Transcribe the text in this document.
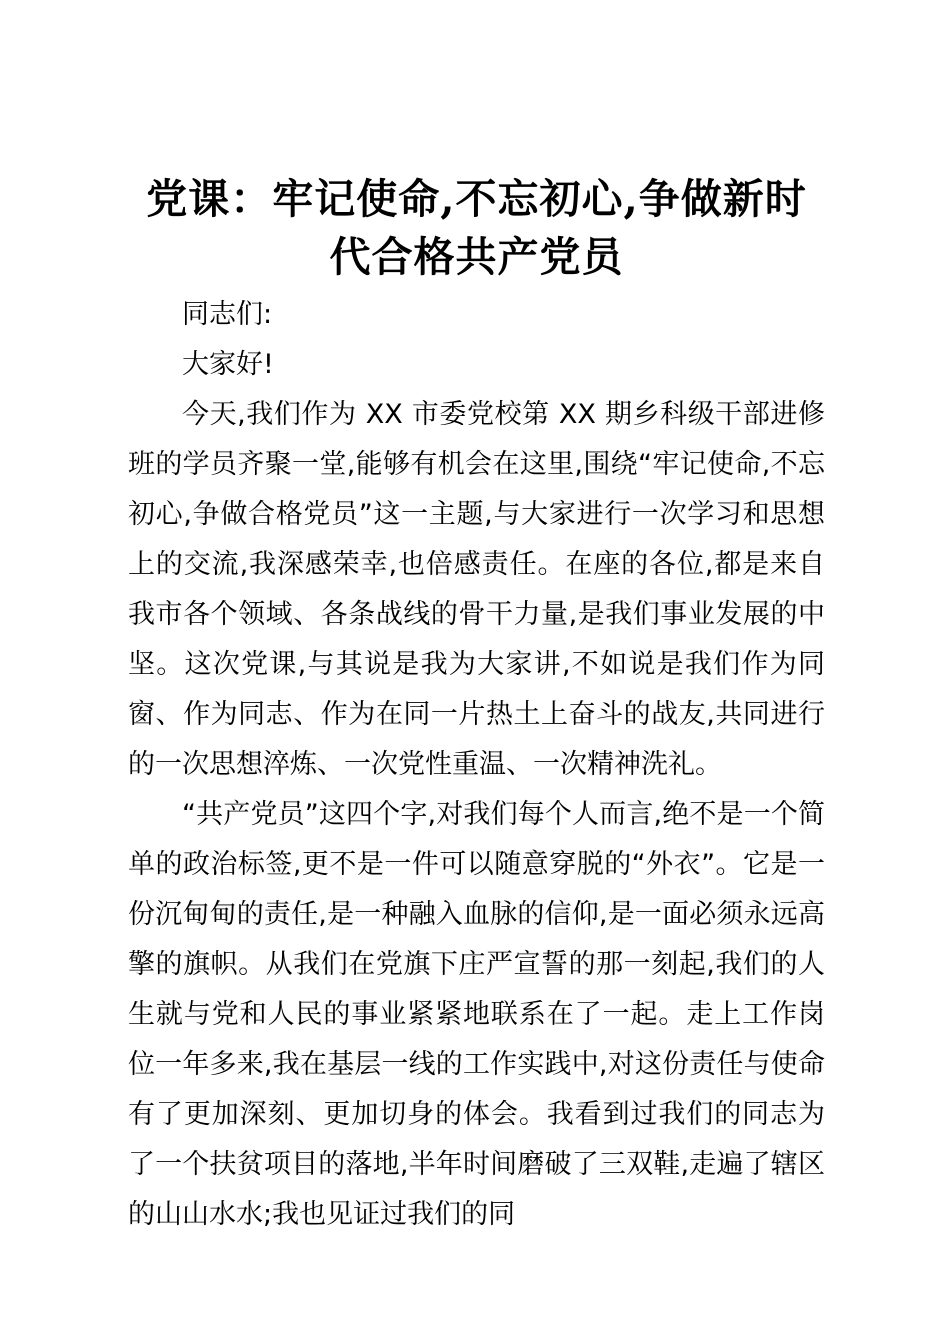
党课：牢记使命,不忘初心,争做新时代合格共产党员

同志们:

大家好!

今天,我们作为 XX 市委党校第 XX 期乡科级干部进修班的学员齐聚一堂,能够有机会在这里,围绕“牢记使命,不忘初心,争做合格党员”这一主题,与大家进行一次学习和思想上的交流,我深感荣幸,也倍感责任。在座的各位,都是来自我市各个领域、各条战线的骨干力量,是我们事业发展的中坚。这次党课,与其说是我为大家讲,不如说是我们作为同窗、作为同志、作为在同一片热土上奋斗的战友,共同进行的一次思想淬炼、一次党性重温、一次精神洗礼。

“共产党员”这四个字,对我们每个人而言,绝不是一个简单的政治标签,更不是一件可以随意穿脱的“外衣”。它是一份沉甸甸的责任,是一种融入血脉的信仰,是一面必须永远高擎的旗帜。从我们在党旗下庄严宣誓的那一刻起,我们的人生就与党和人民的事业紧紧地联系在了一起。走上工作岗位一年多来,我在基层一线的工作实践中,对这份责任与使命有了更加深刻、更加切身的体会。我看到过我们的同志为了一个扶贫项目的落地,半年时间磨破了三双鞋,走遍了辖区的山山水水;我也见证过我们的同
